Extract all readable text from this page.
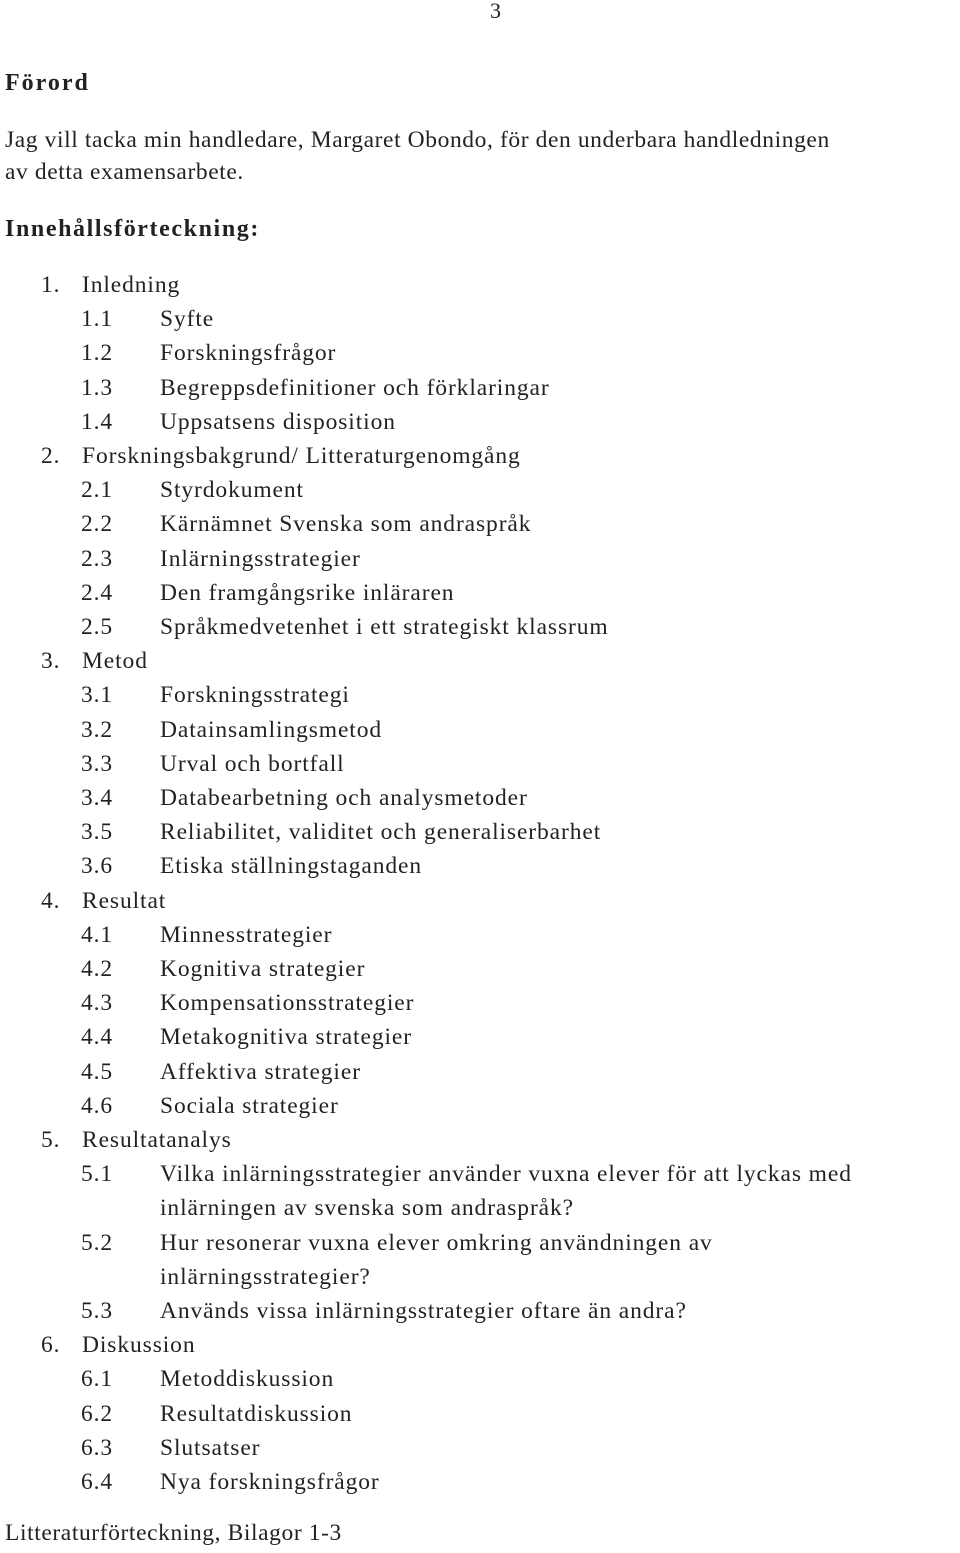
3
Förord

Jag vill tacka min handledare, Margaret Obondo, för den underbara handledningen
av detta examensarbete.

Innehållsförteckning:
1. Inledning
1.1 Syfte
1.2 Forskningsfrågor
1.3 Begreppsdefinitioner och förklaringar
1.4 Uppsatsens disposition
2. Forskningsbakgrund/ Litteraturgenomgång
2.1 Styrdokument
2.2 Kärnämnet Svenska som andraspråk
2.3 Inlärningsstrategier
2.4 Den framgångsrike inläraren
2.5 Språkmedvetenhet i ett strategiskt klassrum
3. Metod
3.1 Forskningsstrategi
3.2 Datainsamlingsmetod
3.3 Urval och bortfall
3.4 Databearbetning och analysmetoder
3.5 Reliabilitet, validitet och generaliserbarhet
3.6 Etiska ställningstaganden
4. Resultat
4.1 Minnesstrategier
4.2 Kognitiva strategier
4.3 Kompensationsstrategier
4.4 Metakognitiva strategier
4.5 Affektiva strategier
4.6 Sociala strategier
5. Resultatanalys
5.1 Vilka inlärningsstrategier använder vuxna elever för att lyckas med
inlärningen av svenska som andraspråk?
5.2 Hur resonerar vuxna elever omkring användningen av
inlärningsstrategier?
5.3 Används vissa inlärningsstrategier oftare än andra?
6. Diskussion
6.1 Metoddiskussion
6.2 Resultatdiskussion
6.3 Slutsatser
6.4 Nya forskningsfrågor
Litteraturförteckning, Bilagor 1-3
